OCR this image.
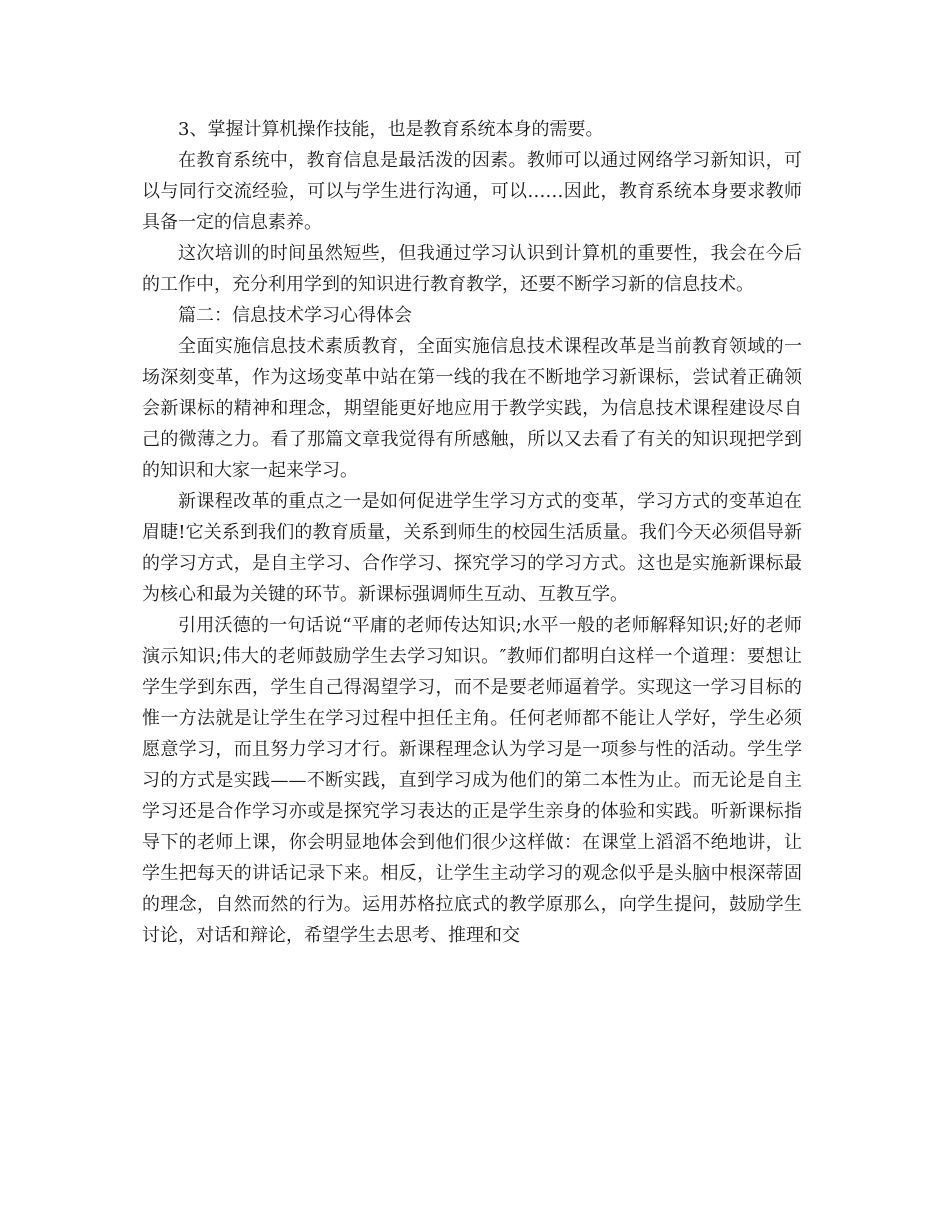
3、掌握计算机操作技能，也是教育系统本身的需要。

在教育系统中，教育信息是最活泼的因素。教师可以通过网络学习新知识，可以与同行交流经验，可以与学生进行沟通，可以……因此，教育系统本身要求教师具备一定的信息素养。

这次培训的时间虽然短些，但我通过学习认识到计算机的重要性，我会在今后的工作中，充分利用学到的知识进行教育教学，还要不断学习新的信息技术。

篇二：信息技术学习心得体会

全面实施信息技术素质教育，全面实施信息技术课程改革是当前教育领域的一场深刻变革，作为这场变革中站在第一线的我在不断地学习新课标，尝试着正确领会新课标的精神和理念，期望能更好地应用于教学实践，为信息技术课程建设尽自己的微薄之力。看了那篇文章我觉得有所感触，所以又去看了有关的知识现把学到的知识和大家一起来学习。

新课程改革的重点之一是如何促进学生学习方式的变革，学习方式的变革迫在眉睫!它关系到我们的教育质量，关系到师生的校园生活质量。我们今天必须倡导新的学习方式，是自主学习、合作学习、探究学习的学习方式。这也是实施新课标最为核心和最为关键的环节。新课标强调师生互动、互教互学。

引用沃德的一句话说“平庸的老师传达知识;水平一般的老师解释知识;好的老师演示知识;伟大的老师鼓励学生去学习知识。″教师们都明白这样一个道理：要想让学生学到东西，学生自己得渴望学习，而不是要老师逼着学。实现这一学习目标的惟一方法就是让学生在学习过程中担任主角。任何老师都不能让人学好，学生必须愿意学习，而且努力学习才行。新课程理念认为学习是一项参与性的活动。学生学习的方式是实践——不断实践，直到学习成为他们的第二本性为止。而无论是自主学习还是合作学习亦或是探究学习表达的正是学生亲身的体验和实践。听新课标指导下的老师上课，你会明显地体会到他们很少这样做：在课堂上滔滔不绝地讲，让学生把每天的讲话记录下来。相反，让学生主动学习的观念似乎是头脑中根深蒂固的理念，自然而然的行为。运用苏格拉底式的教学原那么，向学生提问，鼓励学生讨论，对话和辩论，希望学生去思考、推理和交
